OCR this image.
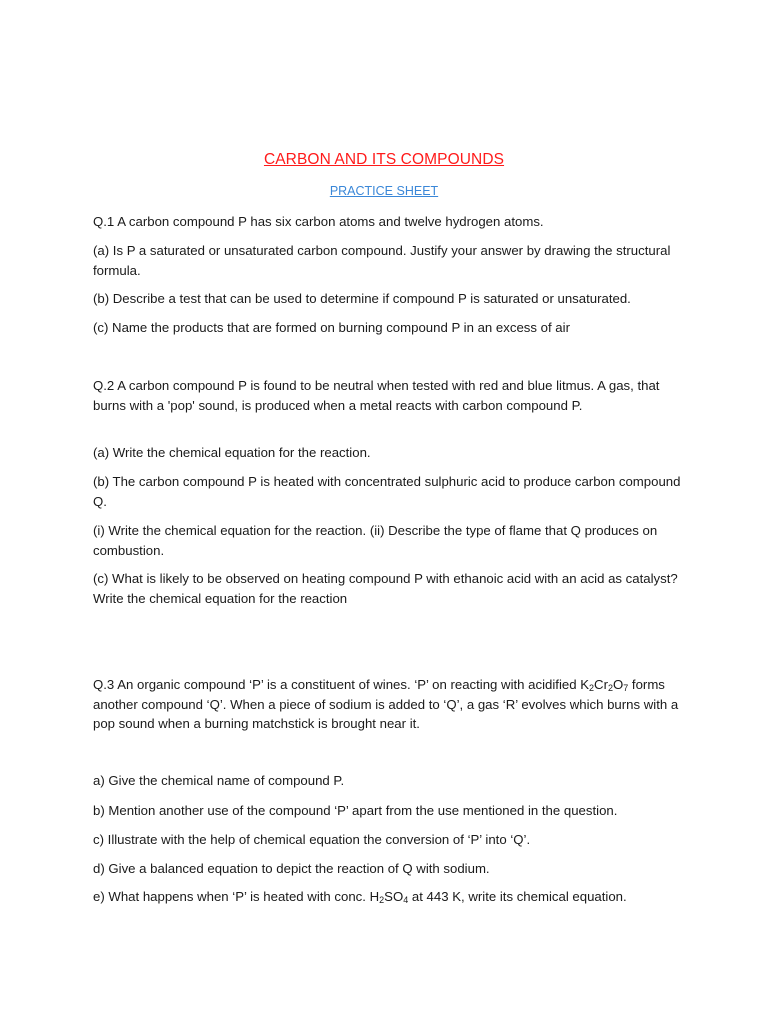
CARBON AND ITS COMPOUNDS
PRACTICE SHEET
Q.1 A carbon compound P has six carbon atoms and twelve hydrogen atoms.
(a) Is P a saturated or unsaturated carbon compound. Justify your answer by drawing the structural formula.
(b) Describe a test that can be used to determine if compound P is saturated or unsaturated.
(c) Name the products that are formed on burning compound P in an excess of air
Q.2 A carbon compound P is found to be neutral when tested with red and blue litmus. A gas, that burns with a 'pop' sound, is produced when a metal reacts with carbon compound P.
(a) Write the chemical equation for the reaction.
(b) The carbon compound P is heated with concentrated sulphuric acid to produce carbon compound Q.
(i) Write the chemical equation for the reaction. (ii) Describe the type of flame that Q produces on combustion.
(c) What is likely to be observed on heating compound P with ethanoic acid with an acid as catalyst? Write the chemical equation for the reaction
Q.3 An organic compound ‘P’ is a constituent of wines. ‘P’ on reacting with acidified $K_2Cr_2O_7$ forms another compound ‘Q’. When a piece of sodium is added to ‘Q’, a gas ‘R’ evolves which burns with a pop sound when a burning matchstick is brought near it.
a) Give the chemical name of compound P.
b) Mention another use of the compound ‘P’ apart from the use mentioned in the question.
c) Illustrate with the help of chemical equation the conversion of ‘P’ into ‘Q’.
d) Give a balanced equation to depict the reaction of Q with sodium.
e) What happens when ‘P’ is heated with conc. $H_2SO_4$ at 443 K, write its chemical equation.
